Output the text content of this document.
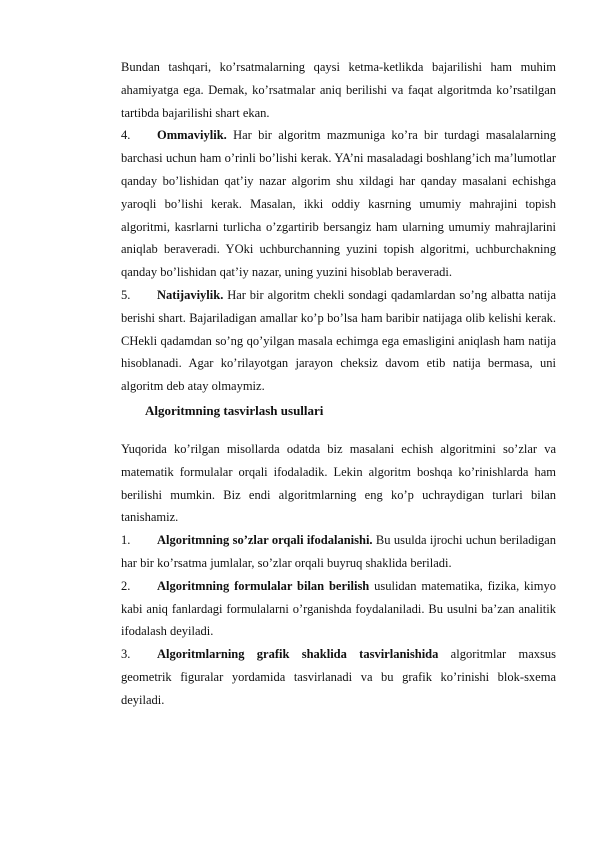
Bundan tashqari, ko’rsatmalarning qaysi ketma-ketlikda bajarilishi ham muhim ahamiyatga ega. Demak, ko’rsatmalar aniq berilishi va faqat algoritmda ko’rsatilgan tartibda bajarilishi shart ekan.

4. Ommaviylik. Har bir algoritm mazmuniga ko’ra bir turdagi masalalarning barchasi uchun ham o’rinli bo’lishi kerak. YA’ni masaladagi boshlang’ich ma’lumotlar qanday bo’lishidan qat’iy nazar algorim shu xildagi har qanday masalani echishga yaroqli bo’lishi kerak. Masalan, ikki oddiy kasrning umumiy mahrajini topish algoritmi, kasrlarni turlicha o’zgartirib bersangiz ham ularning umumiy mahrajlarini aniqlab beraveradi. YOki uchburchanning yuzini topish algoritmi, uchburchakning qanday bo’lishidan qat’iy nazar, uning yuzini hisoblab beraveradi.

5. Natijaviylik. Har bir algoritm chekli sondagi qadamlardan so’ng albatta natija berishi shart. Bajariladigan amallar ko’p bo’lsa ham baribir natijaga olib kelishi kerak. CHekli qadamdan so’ng qo’yilgan masala echimga ega emasligini aniqlash ham natija hisoblanadi. Agar ko’rilayotgan jarayon cheksiz davom etib natija bermasa, uni algoritm deb atay olmaymiz.

Algoritmning tasvirlash usullari

Yuqorida ko’rilgan misollarda odatda biz masalani echish algoritmini so’zlar va matematik formulalar orqali ifodaladik. Lekin algoritm boshqa ko’rinishlarda ham berilishi mumkin. Biz endi algoritmlarning eng ko’p uchraydigan turlari bilan tanishamiz.

1. Algoritmning so’zlar orqali ifodalanishi. Bu usulda ijrochi uchun beriladigan har bir ko’rsatma jumlalar, so’zlar orqali buyruq shaklida beriladi.

2. Algoritmning formulalar bilan berilish usulidan matematika, fizika, kimyo kabi aniq fanlardagi formulalarni o’rganishda foydalaniladi. Bu usulni ba’zan analitik ifodalash deyiladi.

3. Algoritmlarning grafik shaklida tasvirlanishida algoritmlar maxsus geometrik figuralar yordamida tasvirlanadi va bu grafik ko’rinishi blok-sxema deyiladi.
